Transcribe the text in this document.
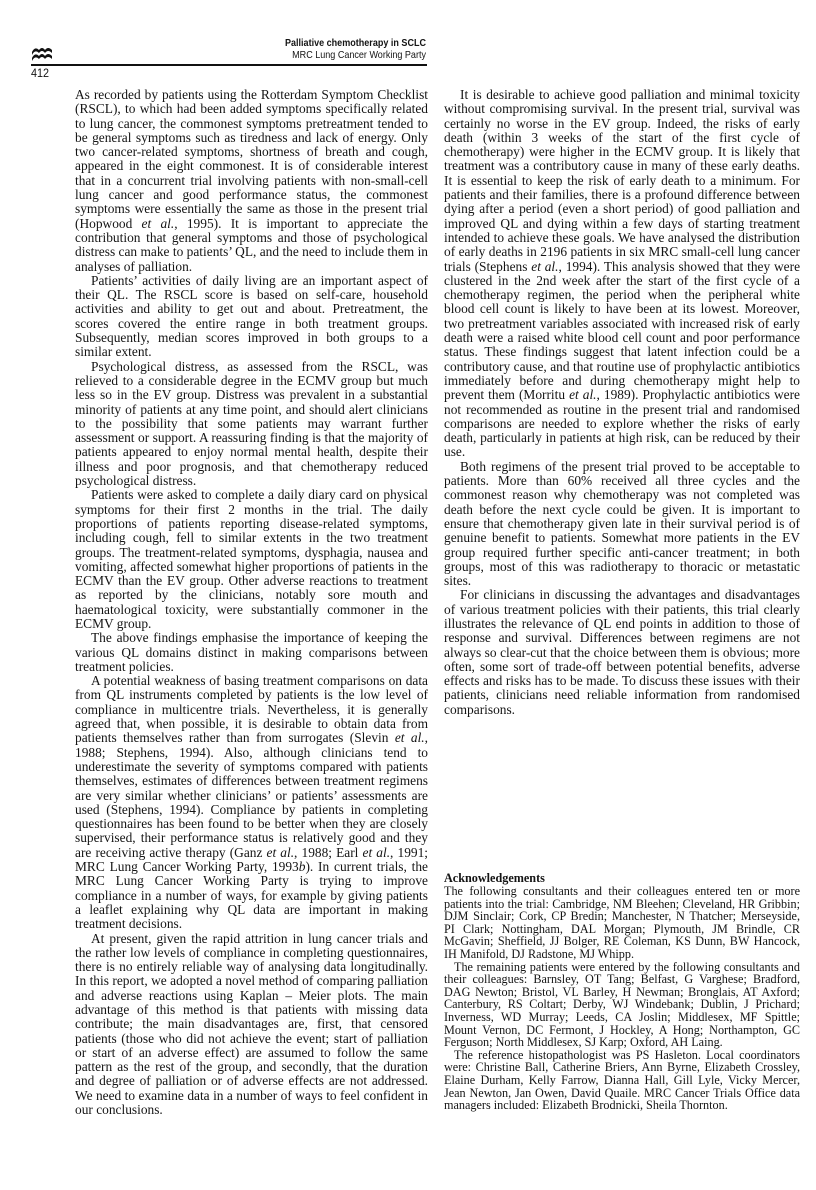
Palliative chemotherapy in SCLC
MRC Lung Cancer Working Party
412

As recorded by patients using the Rotterdam Symptom Checklist (RSCL), to which had been added symptoms specifically related to lung cancer, the commonest symptoms pretreatment tended to be general symptoms such as tiredness and lack of energy. Only two cancer-related symptoms, shortness of breath and cough, appeared in the eight commonest. It is of considerable interest that in a concurrent trial involving patients with non-small-cell lung cancer and good performance status, the commonest symptoms were essentially the same as those in the present trial (Hopwood et al., 1995). It is important to appreciate the contribution that general symptoms and those of psychological distress can make to patients’ QL, and the need to include them in analyses of palliation.

Patients’ activities of daily living are an important aspect of their QL. The RSCL score is based on self-care, household activities and ability to get out and about. Pretreatment, the scores covered the entire range in both treatment groups. Subsequently, median scores improved in both groups to a similar extent.

Psychological distress, as assessed from the RSCL, was relieved to a considerable degree in the ECMV group but much less so in the EV group. Distress was prevalent in a substantial minority of patients at any time point, and should alert clinicians to the possibility that some patients may warrant further assessment or support. A reassuring finding is that the majority of patients appeared to enjoy normal mental health, despite their illness and poor prognosis, and that chemotherapy reduced psychological distress.

Patients were asked to complete a daily diary card on physical symptoms for their first 2 months in the trial. The daily proportions of patients reporting disease-related symptoms, including cough, fell to similar extents in the two treatment groups. The treatment-related symptoms, dysphagia, nausea and vomiting, affected somewhat higher proportions of patients in the ECMV than the EV group. Other adverse reactions to treatment as reported by the clinicians, notably sore mouth and haematological toxicity, were substantially commoner in the ECMV group.

The above findings emphasise the importance of keeping the various QL domains distinct in making comparisons between treatment policies.

A potential weakness of basing treatment comparisons on data from QL instruments completed by patients is the low level of compliance in multicentre trials. Nevertheless, it is generally agreed that, when possible, it is desirable to obtain data from patients themselves rather than from surrogates (Slevin et al., 1988; Stephens, 1994). Also, although clinicians tend to underestimate the severity of symptoms compared with patients themselves, estimates of differences between treatment regimens are very similar whether clinicians’ or patients’ assessments are used (Stephens, 1994). Compliance by patients in completing questionnaires has been found to be better when they are closely supervised, their performance status is relatively good and they are receiving active therapy (Ganz et al., 1988; Earl et al., 1991; MRC Lung Cancer Working Party, 1993b). In current trials, the MRC Lung Cancer Working Party is trying to improve compliance in a number of ways, for example by giving patients a leaflet explaining why QL data are important in making treatment decisions.

At present, given the rapid attrition in lung cancer trials and the rather low levels of compliance in completing questionnaires, there is no entirely reliable way of analysing data longitudinally. In this report, we adopted a novel method of comparing palliation and adverse reactions using Kaplan – Meier plots. The main advantage of this method is that patients with missing data contribute; the main disadvantages are, first, that censored patients (those who did not achieve the event; start of palliation or start of an adverse effect) are assumed to follow the same pattern as the rest of the group, and secondly, that the duration and degree of palliation or of adverse effects are not addressed. We need to examine data in a number of ways to feel confident in our conclusions.

It is desirable to achieve good palliation and minimal toxicity without compromising survival. In the present trial, survival was certainly no worse in the EV group. Indeed, the risks of early death (within 3 weeks of the start of the first cycle of chemotherapy) were higher in the ECMV group. It is likely that treatment was a contributory cause in many of these early deaths. It is essential to keep the risk of early death to a minimum. For patients and their families, there is a profound difference between dying after a period (even a short period) of good palliation and improved QL and dying within a few days of starting treatment intended to achieve these goals. We have analysed the distribution of early deaths in 2196 patients in six MRC small-cell lung cancer trials (Stephens et al., 1994). This analysis showed that they were clustered in the 2nd week after the start of the first cycle of a chemotherapy regimen, the period when the peripheral white blood cell count is likely to have been at its lowest. Moreover, two pretreatment variables associated with increased risk of early death were a raised white blood cell count and poor performance status. These findings suggest that latent infection could be a contributory cause, and that routine use of prophylactic antibiotics immediately before and during chemotherapy might help to prevent them (Morritu et al., 1989). Prophylactic antibiotics were not recommended as routine in the present trial and randomised comparisons are needed to explore whether the risks of early death, particularly in patients at high risk, can be reduced by their use.

Both regimens of the present trial proved to be acceptable to patients. More than 60% received all three cycles and the commonest reason why chemotherapy was not completed was death before the next cycle could be given. It is important to ensure that chemotherapy given late in their survival period is of genuine benefit to patients. Somewhat more patients in the EV group required further specific anti-cancer treatment; in both groups, most of this was radiotherapy to thoracic or metastatic sites.

For clinicians in discussing the advantages and disadvantages of various treatment policies with their patients, this trial clearly illustrates the relevance of QL end points in addition to those of response and survival. Differences between regimens are not always so clear-cut that the choice between them is obvious; more often, some sort of trade-off between potential benefits, adverse effects and risks has to be made. To discuss these issues with their patients, clinicians need reliable information from randomised comparisons.

Acknowledgements

The following consultants and their colleagues entered ten or more patients into the trial: Cambridge, NM Bleehen; Cleveland, HR Gribbin; DJM Sinclair; Cork, CP Bredin; Manchester, N Thatcher; Merseyside, PI Clark; Nottingham, DAL Morgan; Plymouth, JM Brindle, CR McGavin; Sheffield, JJ Bolger, RE Coleman, KS Dunn, BW Hancock, IH Manifold, DJ Radstone, MJ Whipp.

The remaining patients were entered by the following consultants and their colleagues: Barnsley, OT Tang; Belfast, G Varghese; Bradford, DAG Newton; Bristol, VL Barley, H Newman; Bronglais, AT Axford; Canterbury, RS Coltart; Derby, WJ Windebank; Dublin, J Prichard; Inverness, WD Murray; Leeds, CA Joslin; Middlesex, MF Spittle; Mount Vernon, DC Fermont, J Hockley, A Hong; Northampton, GC Ferguson; North Middlesex, SJ Karp; Oxford, AH Laing.

The reference histopathologist was PS Hasleton. Local coordinators were: Christine Ball, Catherine Briers, Ann Byrne, Elizabeth Crossley, Elaine Durham, Kelly Farrow, Dianna Hall, Gill Lyle, Vicky Mercer, Jean Newton, Jan Owen, David Quaile. MRC Cancer Trials Office data managers included: Elizabeth Brodnicki, Sheila Thornton.
